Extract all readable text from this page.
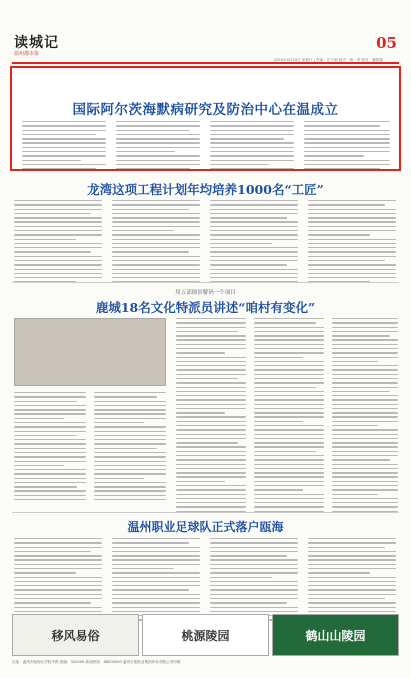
读城记
温州都市报
05
2025年4月20日 星期日 | 责编：汪子颖 版式：杨一苇 校对：戴晨露
国际阿尔茨海默病研究及防治中心在温成立
龙湾这项工程计划年均培养1000名“工匠”
用五部图景解码一个项目
鹿城18名文化特派员讲述“咱村有变化”
温州职业足球队正式落户瓯海
移风易俗	桃源陵园	鹤山山陵园
社址：温州市瓯海区学院中路 邮编：325000 新闻热线：88000000 温州日报报业集团印务有限公司印刷
